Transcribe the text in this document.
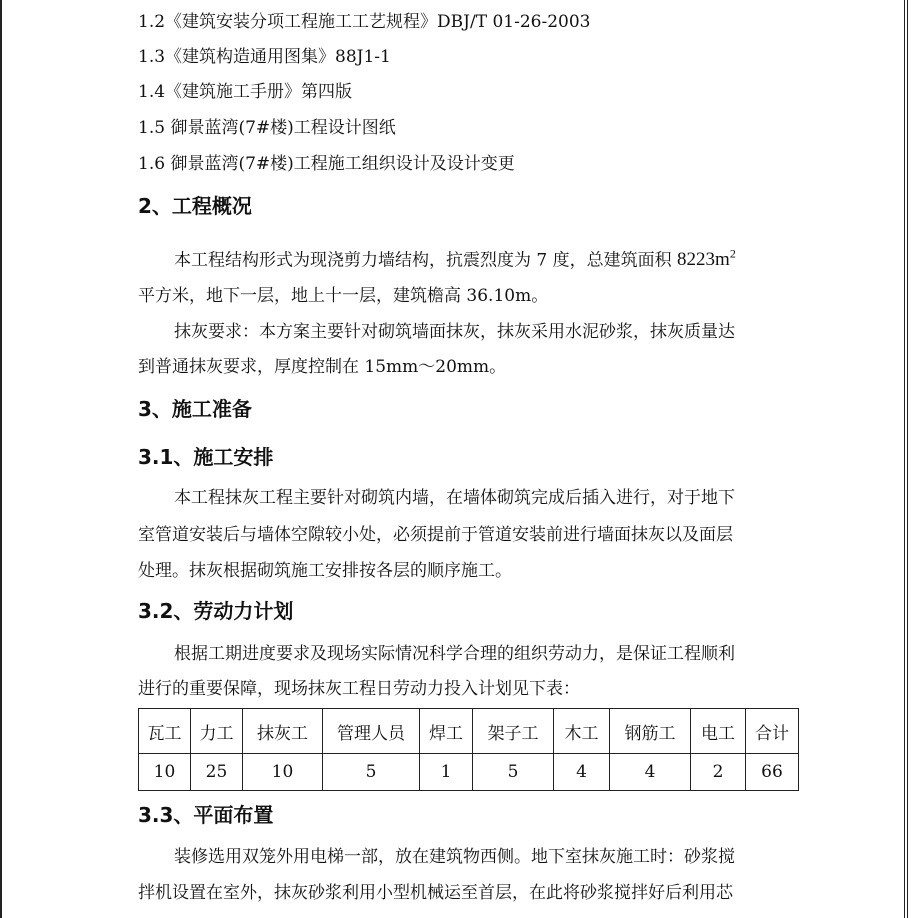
1.2《建筑安装分项工程施工工艺规程》DBJ/T 01-26-2003
1.3《建筑构造通用图集》88J1-1
1.4《建筑施工手册》第四版
1.5 御景蓝湾(7#楼)工程设计图纸
1.6 御景蓝湾(7#楼)工程施工组织设计及设计变更
2、工程概况
本工程结构形式为现浇剪力墙结构，抗震烈度为 7 度，总建筑面积 $8223m^2$
平方米，地下一层，地上十一层，建筑檐高 36.10m。
抹灰要求：本方案主要针对砌筑墙面抹灰，抹灰采用水泥砂浆，抹灰质量达
到普通抹灰要求，厚度控制在 15mm～20mm。
3、施工准备
3.1、施工安排
本工程抹灰工程主要针对砌筑内墙，在墙体砌筑完成后插入进行，对于地下
室管道安装后与墙体空隙较小处，必须提前于管道安装前进行墙面抹灰以及面层
处理。抹灰根据砌筑施工安排按各层的顺序施工。
3.2、劳动力计划
根据工期进度要求及现场实际情况科学合理的组织劳动力，是保证工程顺利
进行的重要保障，现场抹灰工程日劳动力投入计划见下表：
瓦工	力工	抹灰工	管理人员	焊工	架子工	木工	钢筋工	电工	合计
10	25	10	5	1	5	4	4	2	66
3.3、平面布置
装修选用双笼外用电梯一部，放在建筑物西侧。地下室抹灰施工时：砂浆搅
拌机设置在室外，抹灰砂浆利用小型机械运至首层，在此将砂浆搅拌好后利用芯
